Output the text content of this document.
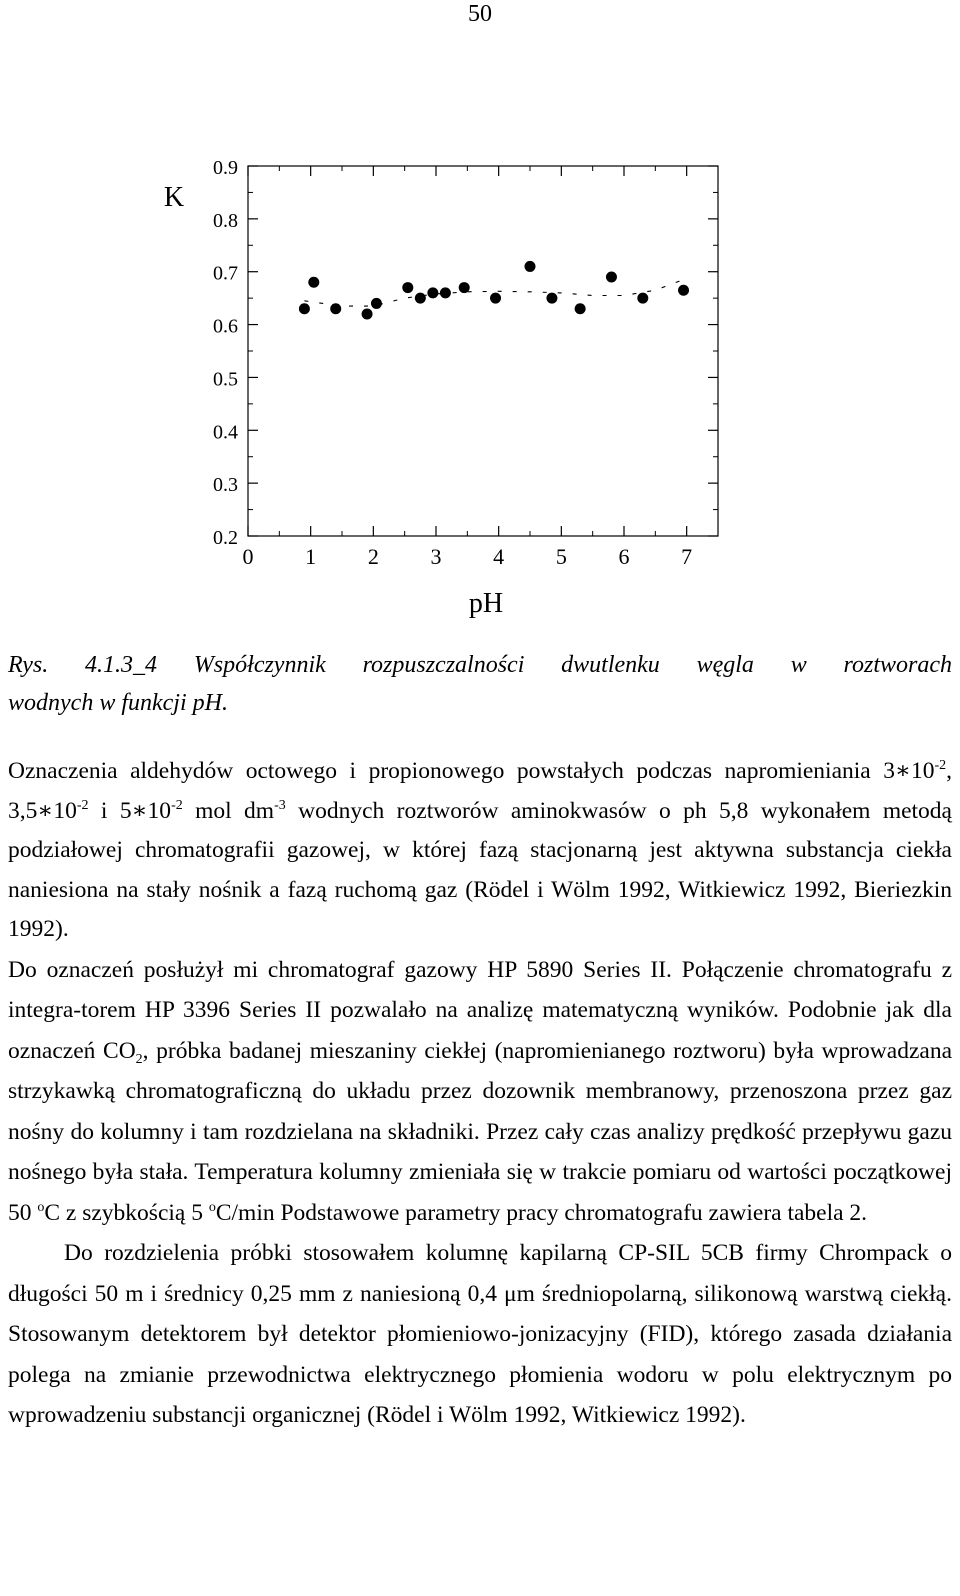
50
0 1 2 3 4 5 6 7
0.9
0.8
0.7
0.6
0.5
0.4
0.3
0.2
K
pH
Rys. 4.1.3_4 Współczynnik rozpuszczalności dwutlenku węgla w roztworach
wodnych w funkcji pH.

Oznaczenia aldehydów octowego i propionowego powstałych podczas napromieniania $3∗10^{-2}$, $3,5∗10^{-2}$ i $5∗10^{-2}$ mol $dm^{-3}$ wodnych roztworów aminokwasów o ph 5,8 wykonałem metodą podziałowej chromatografii gazowej, w której fazą stacjonarną jest aktywna substancja ciekła naniesiona na stały nośnik a fazą ruchomą gaz (Rödel i Wölm 1992, Witkiewicz 1992, Bieriezkin 1992).

Do oznaczeń posłużył mi chromatograf gazowy HP 5890 Series II. Połączenie chromatografu z integra-torem HP 3396 Series II pozwalało na analizę matematyczną wyników. Podobnie jak dla oznaczeń $CO_2$, próbka badanej mieszaniny ciekłej (napromienianego roztworu) była wprowadzana strzykawką chromatograficzną do układu przez dozownik membranowy, przenoszona przez gaz nośny do kolumny i tam rozdzielana na składniki. Przez cały czas analizy prędkość przepływu gazu nośnego była stała. Temperatura kolumny zmieniała się w trakcie pomiaru od wartości początkowej 50 $^o$C z szybkością 5 $^o$C/min Podstawowe parametry pracy chromatografu zawiera tabela 2.

Do rozdzielenia próbki stosowałem kolumnę kapilarną CP-SIL 5CB firmy Chrompack o długości 50 m i średnicy 0,25 mm z naniesioną 0,4 μm średniopolarną, silikonową warstwą ciekłą. Stosowanym detektorem był detektor płomieniowo-jonizacyjny (FID), którego zasada działania polega na zmianie przewodnictwa elektrycznego płomienia wodoru w polu elektrycznym po wprowadzeniu substancji organicznej (Rödel i Wölm 1992, Witkiewicz 1992).
